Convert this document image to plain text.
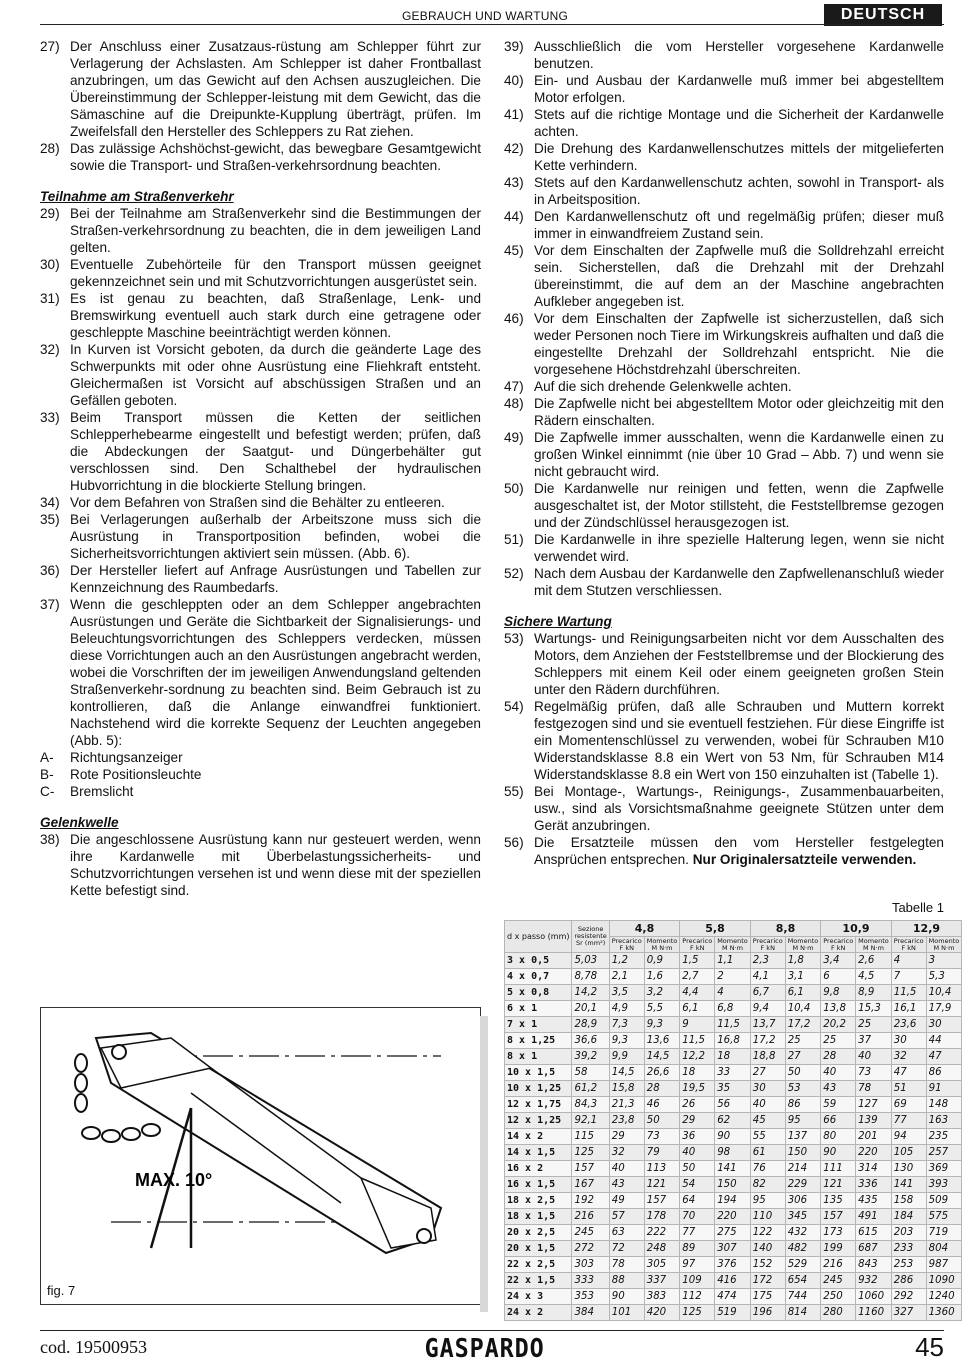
GEBRAUCH UND WARTUNG	DEUTSCH
27) Der Anschluss einer Zusatzaus-rüstung am Schlepper führt zur Verlagerung der Achslasten. Am Schlepper ist daher Frontballast anzubringen, um das Gewicht auf den Achsen auszugleichen. Die Übereinstimmung der Schlepper-leistung mit dem Gewicht, das die Sämaschine auf die Dreipunkte-Kupplung überträgt, prüfen. Im Zweifelsfall den Hersteller des Schleppers zu Rat ziehen.
28) Das zulässige Achshöchst-gewicht, das bewegbare Gesamtgewicht sowie die Transport- und Straßen-verkehrsordnung beachten.
Teilnahme am Straßenverkehr
29) Bei der Teilnahme am Straßenverkehr sind die Bestimmungen der Straßen-verkehrsordnung zu beachten, die in dem jeweiligen Land gelten.
30) Eventuelle Zubehörteile für den Transport müssen geeignet gekennzeichnet sein und mit Schutzvorrichtungen ausgerüstet sein.
31) Es ist genau zu beachten, daß Straßenlage, Lenk- und Bremswirkung eventuell auch stark durch eine getragene oder geschleppte Maschine beeinträchtigt werden können.
32) In Kurven ist Vorsicht geboten, da durch die geänderte Lage des Schwerpunkts mit oder ohne Ausrüstung eine Fliehkraft entsteht. Gleichermaßen ist Vorsicht auf abschüssigen Straßen und an Gefällen geboten.
33) Beim Transport müssen die Ketten der seitlichen Schlepperhebearme eingestellt und befestigt werden; prüfen, daß die Abdeckungen der Saatgut- und Düngerbehälter gut verschlossen sind. Den Schalthebel der hydraulischen Hubvorrichtung in die blockierte Stellung bringen.
34) Vor dem Befahren von Straßen sind die Behälter zu entleeren.
35) Bei Verlagerungen außerhalb der Arbeitszone muss sich die Ausrüstung in Transportposition befinden, wobei die Sicherheitsvorrichtungen aktiviert sein müssen. (Abb. 6).
36) Der Hersteller liefert auf Anfrage Ausrüstungen und Tabellen zur Kennzeichnung des Raumbedarfs.
37) Wenn die geschleppten oder an dem Schlepper angebrachten Ausrüstungen und Geräte die Sichtbarkeit der Signalisierungs- und Beleuchtungsvorrichtungen des Schleppers verdecken, müssen diese Vorrichtungen auch an den Ausrüstungen angebracht werden, wobei die Vorschriften der im jeweiligen Anwendungsland geltenden Straßenverkehr-sordnung zu beachten sind. Beim Gebrauch ist zu kontrollieren, daß die Anlange einwandfrei funktioniert. Nachstehend wird die korrekte Sequenz der Leuchten angegeben (Abb. 5):
A-	Richtungsanzeiger
B-	Rote Positionsleuchte
C-	Bremslicht
Gelenkwelle
38) Die angeschlossene Ausrüstung kann nur gesteuert werden, wenn ihre Kardanwelle mit Überbelastungssicherheits- und Schutzvorrichtungen versehen ist und wenn diese mit der speziellen Kette befestigt sind.
39) Ausschließlich die vom Hersteller vorgesehene Kardanwelle benutzen.
40) Ein- und Ausbau der Kardanwelle muß immer bei abgestelltem Motor erfolgen.
41) Stets auf die richtige Montage und die Sicherheit der Kardanwelle achten.
42) Die Drehung des Kardanwellenschutzes mittels der mitgelieferten Kette verhindern.
43) Stets auf den Kardanwellenschutz achten, sowohl in Transport- als in Arbeitsposition.
44) Den Kardanwellenschutz oft und regelmäßig prüfen; dieser muß immer in einwandfreiem Zustand sein.
45) Vor dem Einschalten der Zapfwelle muß die Solldrehzahl erreicht sein. Sicherstellen, daß die Drehzahl mit der Drehzahl übereinstimmt, die auf dem an der Maschine angebrachten Aufkleber angegeben ist.
46) Vor dem Einschalten der Zapfwelle ist sicherzustellen, daß sich weder Personen noch Tiere im Wirkungskreis aufhalten und daß die eingestellte Drehzahl der Solldrehzahl entspricht. Nie die vorgesehene Höchstdrehzahl überschreiten.
47) Auf die sich drehende Gelenkwelle achten.
48) Die Zapfwelle nicht bei abgestelltem Motor oder gleichzeitig mit den Rädern einschalten.
49) Die Zapfwelle immer ausschalten, wenn die Kardanwelle einen zu großen Winkel einnimmt (nie über 10 Grad – Abb. 7) und wenn sie nicht gebraucht wird.
50) Die Kardanwelle nur reinigen und fetten, wenn die Zapfwelle ausgeschaltet ist, der Motor stillsteht, die Feststellbremse gezogen und der Zündschlüssel herausgezogen ist.
51) Die Kardanwelle in ihre spezielle Halterung legen, wenn sie nicht verwendet wird.
52) Nach dem Ausbau der Kardanwelle den Zapfwellenanschluß wieder mit dem Stutzen verschliessen.
Sichere Wartung
53) Wartungs- und Reinigungsarbeiten nicht vor dem Ausschalten des Motors, dem Anziehen der Feststellbremse und der Blockierung des Schleppers mit einem Keil oder einem geeigneten großen Stein unter den Rädern durchführen.
54) Regelmäßig prüfen, daß alle Schrauben und Muttern korrekt festgezogen sind und sie eventuell festziehen. Für diese Eingriffe ist ein Momentenschlüssel zu verwenden, wobei für Schrauben M10 Widerstandsklasse 8.8 ein Wert von 53 Nm, für Schrauben M14 Widerstandsklasse 8.8 ein Wert von 150 einzuhalten ist (Tabelle 1).
55) Bei Montage-, Wartungs-, Reinigungs-, Zusammenbauarbeiten, usw., sind als Vorsichtsmaßnahme geeignete Stützen unter dem Gerät anzubringen.
56) Die Ersatzteile müssen den vom Hersteller festgelegten Ansprüchen entsprechen. Nur Originalersatzteile verwenden.
MAX. 10°
fig. 7
Tabelle 1
d x passo (mm)	Sezione resistente Sr (mm²)	4,8		5,8		8,8		10,9		12,9	
		Precarico F kN	Momento M N·m	Precarico F kN	Momento M N·m	Precarico F kN	Momento M N·m	Precarico F kN	Momento M N·m	Precarico F kN	Momento M N·m
3 x 0,5	5,03	1,2	0,9	1,5	1,1	2,3	1,8	3,4	2,6	4	3
4 x 0,7	8,78	2,1	1,6	2,7	2	4,1	3,1	6	4,5	7	5,3
5 x 0,8	14,2	3,5	3,2	4,4	4	6,7	6,1	9,8	8,9	11,5	10,4
6 x 1	20,1	4,9	5,5	6,1	6,8	9,4	10,4	13,8	15,3	16,1	17,9
7 x 1	28,9	7,3	9,3	9	11,5	13,7	17,2	20,2	25	23,6	30
8 x 1,25	36,6	9,3	13,6	11,5	16,8	17,2	25	25	37	30	44
8 x 1	39,2	9,9	14,5	12,2	18	18,8	27	28	40	32	47
10 x 1,5	58	14,5	26,6	18	33	27	50	40	73	47	86
10 x 1,25	61,2	15,8	28	19,5	35	30	53	43	78	51	91
12 x 1,75	84,3	21,3	46	26	56	40	86	59	127	69	148
12 x 1,25	92,1	23,8	50	29	62	45	95	66	139	77	163
14 x 2	115	29	73	36	90	55	137	80	201	94	235
14 x 1,5	125	32	79	40	98	61	150	90	220	105	257
16 x 2	157	40	113	50	141	76	214	111	314	130	369
16 x 1,5	167	43	121	54	150	82	229	121	336	141	393
18 x 2,5	192	49	157	64	194	95	306	135	435	158	509
18 x 1,5	216	57	178	70	220	110	345	157	491	184	575
20 x 2,5	245	63	222	77	275	122	432	173	615	203	719
20 x 1,5	272	72	248	89	307	140	482	199	687	233	804
22 x 2,5	303	78	305	97	376	152	529	216	843	253	987
22 x 1,5	333	88	337	109	416	172	654	245	932	286	1090
24 x 3	353	90	383	112	474	175	744	250	1060	292	1240
24 x 2	384	101	420	125	519	196	814	280	1160	327	1360
cod. 19500953	GASPARDO	45
